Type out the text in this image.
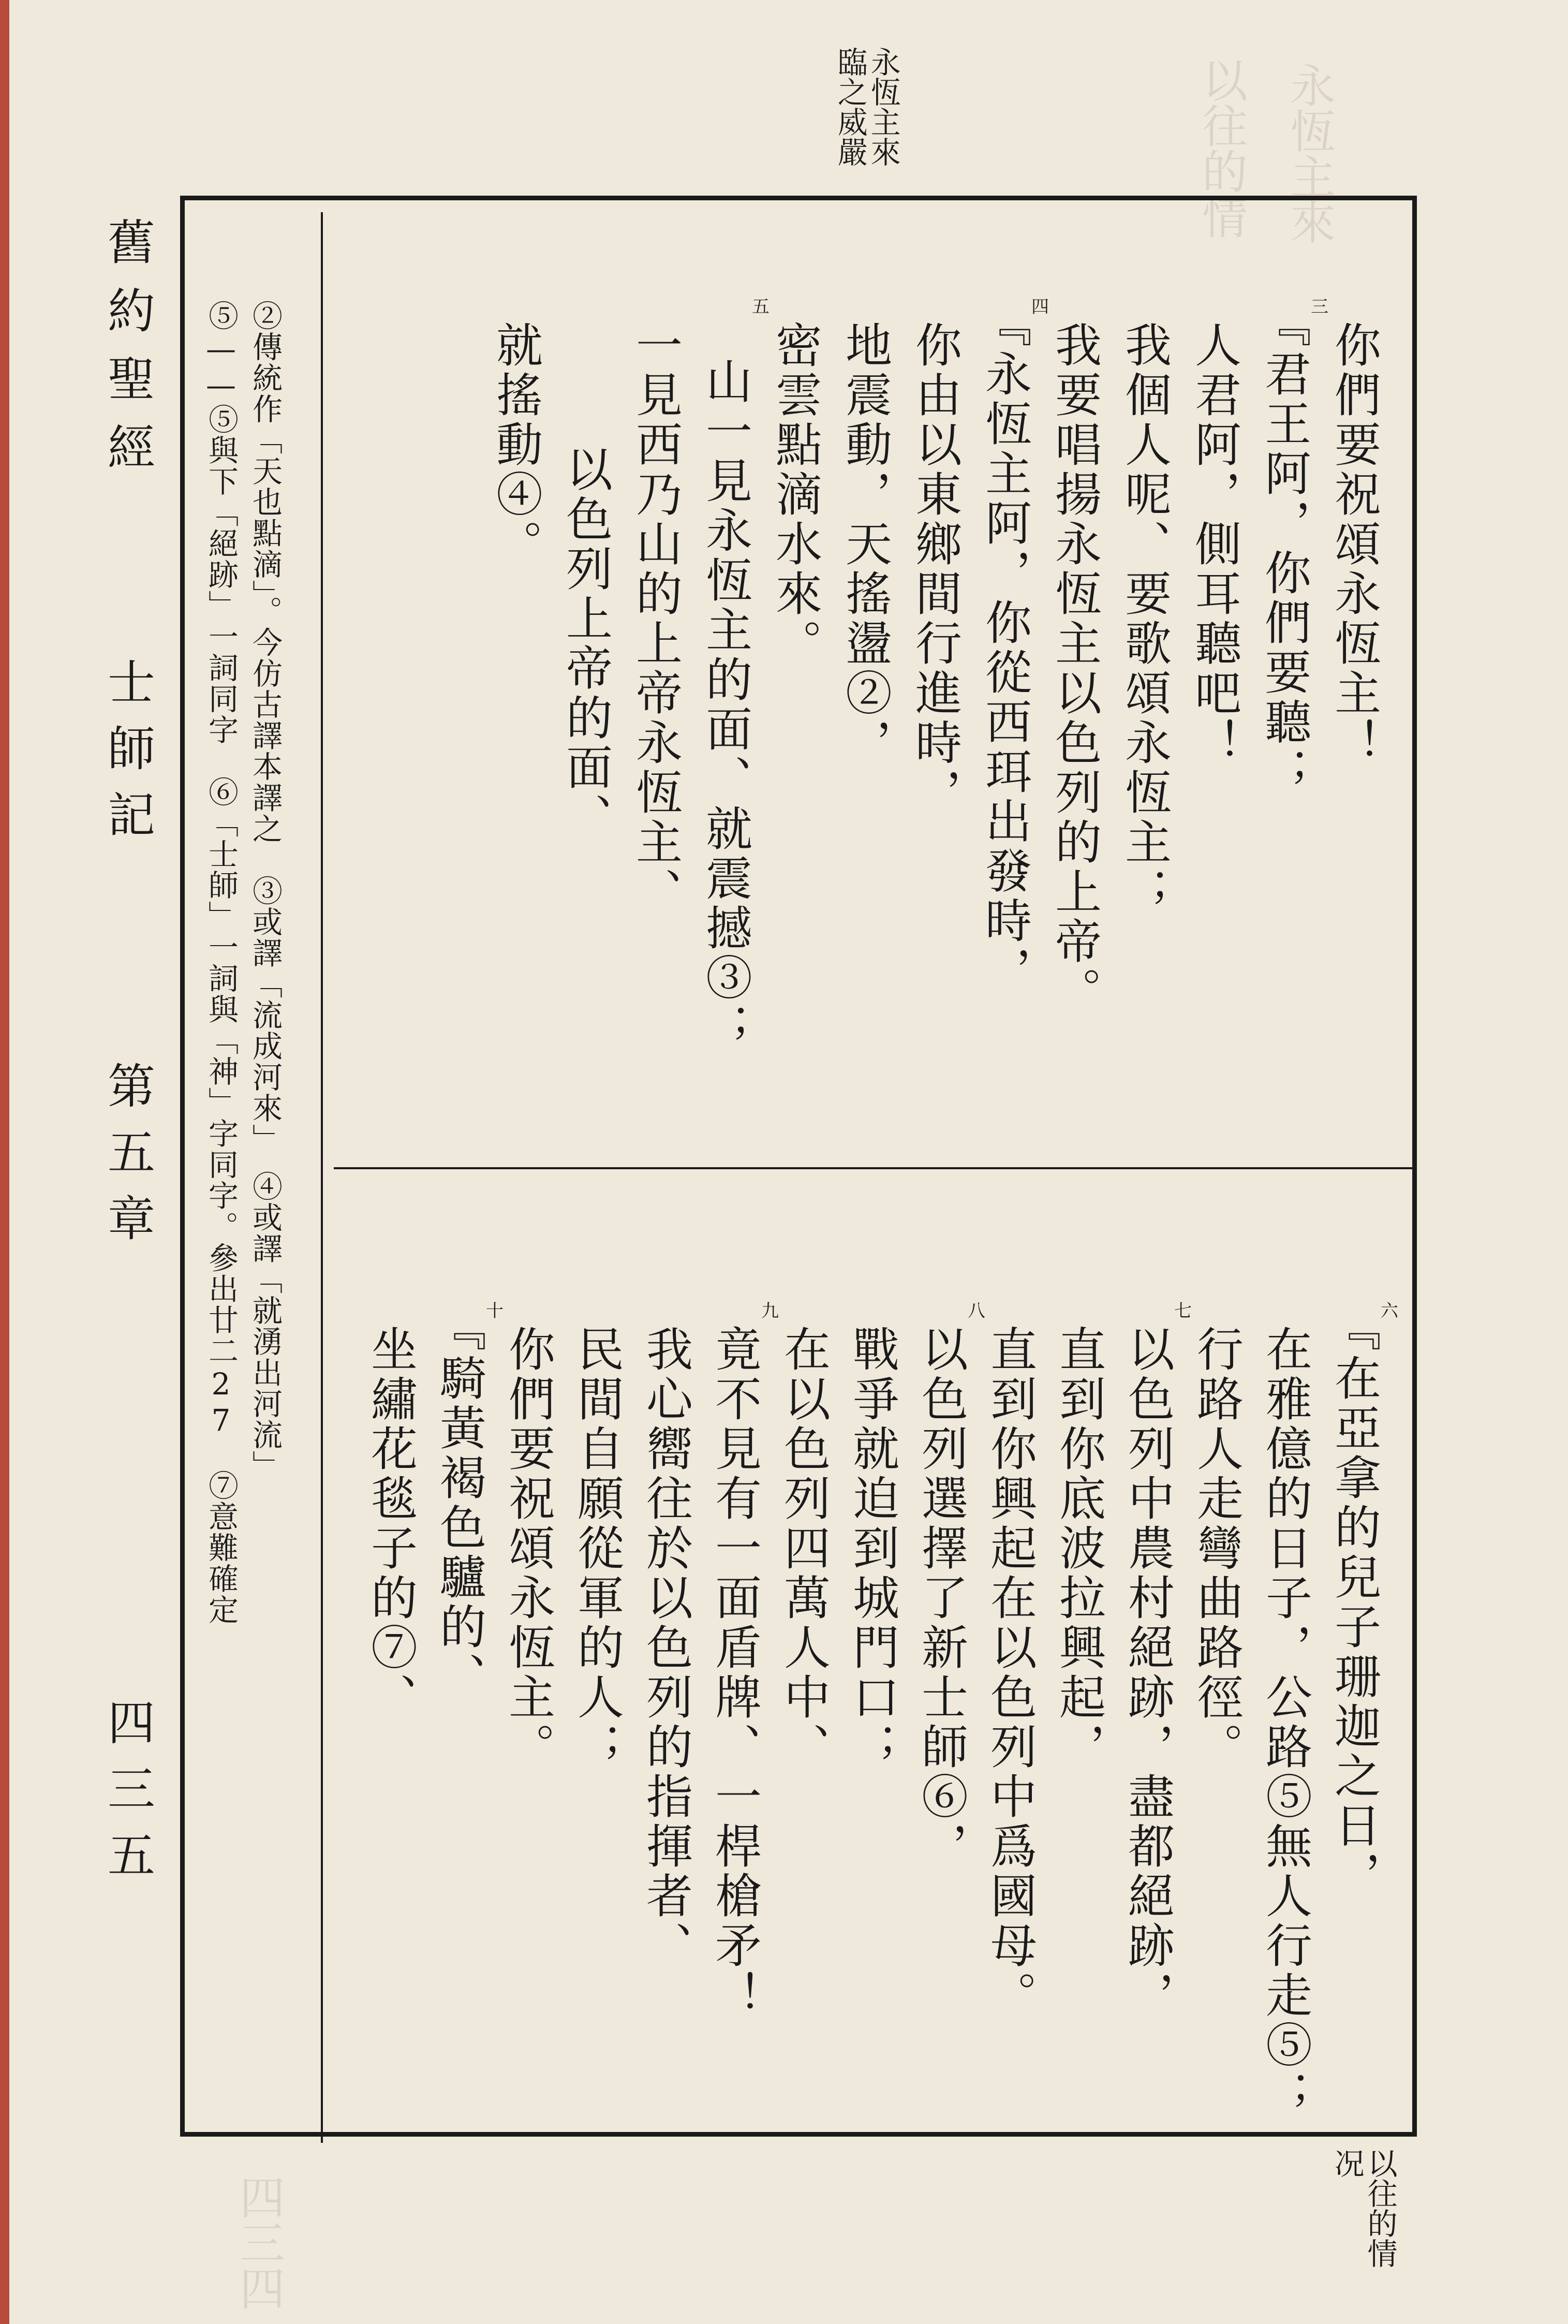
永恆主來
以往的情
四三四
舊約聖經
士師記
第五章
四三五
永恆主來
臨之威嚴
以往的情
况
你們要祝頌永恆主！
『君王阿，你們要聽；
人君阿，側耳聽吧！
我個人呢、要歌頌永恆主；
我要唱揚永恆主以色列的上帝。
『永恆主阿，你從西珥出發時，
你由以東鄉間行進時，
地震動，天搖盪②，
密雲點滴水來。
山一見永恆主的面、就震撼③；
一見西乃山的上帝永恆主、
以色列上帝的面、
就搖動④。
三
四
五
『在亞拿的兒子珊迦之日，
在雅億的日子，公路⑤無人行走⑤；
行路人走彎曲路徑。
以色列中農村絕跡，盡都絕跡，
直到你底波拉興起，
直到你興起在以色列中爲國母。
以色列選擇了新士師⑥，
戰爭就迫到城門口；
在以色列四萬人中、
竟不見有一面盾牌、一桿槍矛！
我心嚮往於以色列的指揮者、
民間自願從軍的人；
你們要祝頌永恆主。
『騎黃褐色驢的、
坐繡花毯子的⑦、
六
七
八
九
十
②傳統作「天也點滴」。今仿古譯本譯之　③或譯「流成河來」　④或譯「就湧出河流」
⑤——⑤與下「絕跡」一詞同字　⑥「士師」一詞與「神」字同字。參出廿二27　⑦意難確定
